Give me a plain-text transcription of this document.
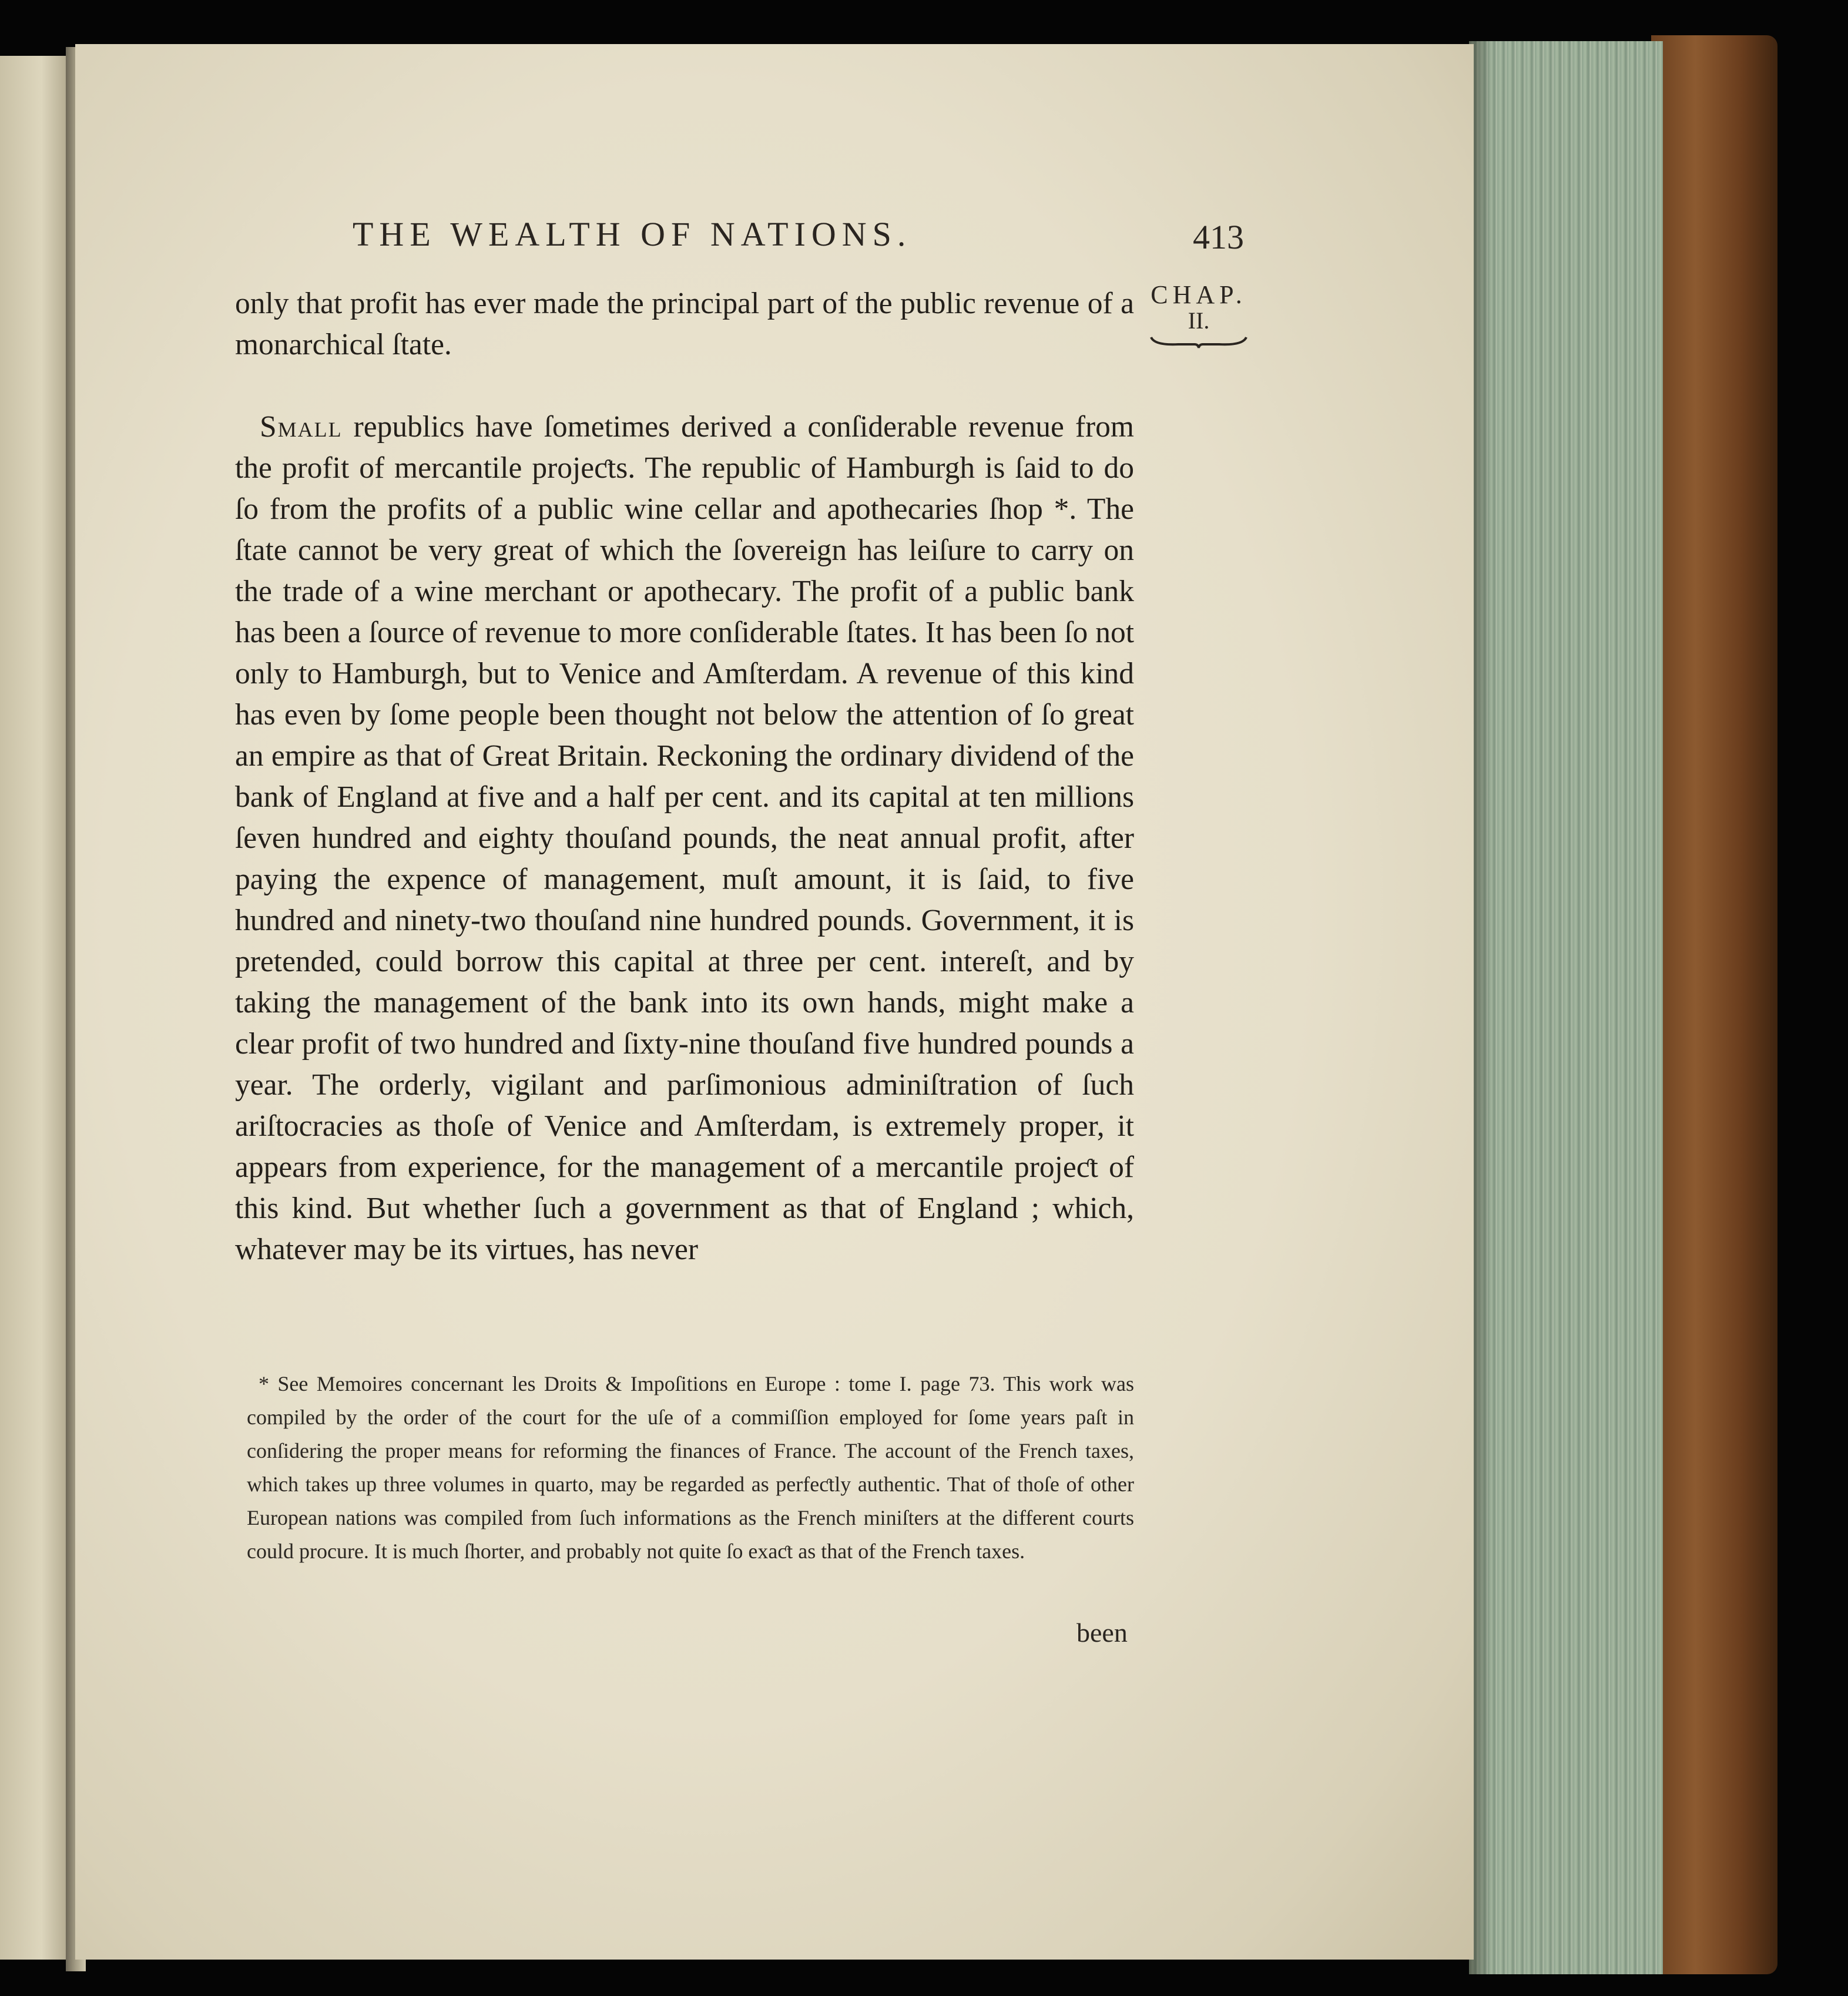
THE WEALTH OF NATIONS.	413
CHAP.
II.

only that profit has ever made the principal part of the public revenue of a monarchical ſtate.

Small republics have ſometimes derived a conſiderable revenue from the profit of mercantile projeƈts. The republic of Hamburgh is ſaid to do ſo from the profits of a public wine cellar and apothecaries ſhop *. The ſtate cannot be very great of which the ſovereign has leiſure to carry on the trade of a wine merchant or apothecary. The profit of a public bank has been a ſource of revenue to more conſiderable ſtates. It has been ſo not only to Hamburgh, but to Venice and Amſterdam. A revenue of this kind has even by ſome people been thought not below the attention of ſo great an empire as that of Great Britain. Reckoning the ordinary dividend of the bank of England at five and a half per cent. and its capital at ten millions ſeven hundred and eighty thouſand pounds, the neat annual profit, after paying the expence of management, muſt amount, it is ſaid, to five hundred and ninety-two thouſand nine hundred pounds. Government, it is pretended, could borrow this capital at three per cent. intereſt, and by taking the management of the bank into its own hands, might make a clear profit of two hundred and ſixty-nine thouſand five hundred pounds a year. The orderly, vigilant and parſimonious adminiſtration of ſuch ariſtocracies as thoſe of Venice and Amſterdam, is extremely proper, it appears from experience, for the management of a mercantile projeƈt of this kind. But whether ſuch a government as that of England ; which, whatever may be its virtues, has never

* See Memoires concernant les Droits & Impoſitions en Europe : tome I. page 73. This work was compiled by the order of the court for the uſe of a commiſſion employed for ſome years paſt in conſidering the proper means for reforming the finances of France. The account of the French taxes, which takes up three volumes in quarto, may be regarded as perfeƈtly authentic. That of thoſe of other European nations was compiled from ſuch informations as the French miniſters at the different courts could procure. It is much ſhorter, and probably not quite ſo exaƈt as that of the French taxes.

been
